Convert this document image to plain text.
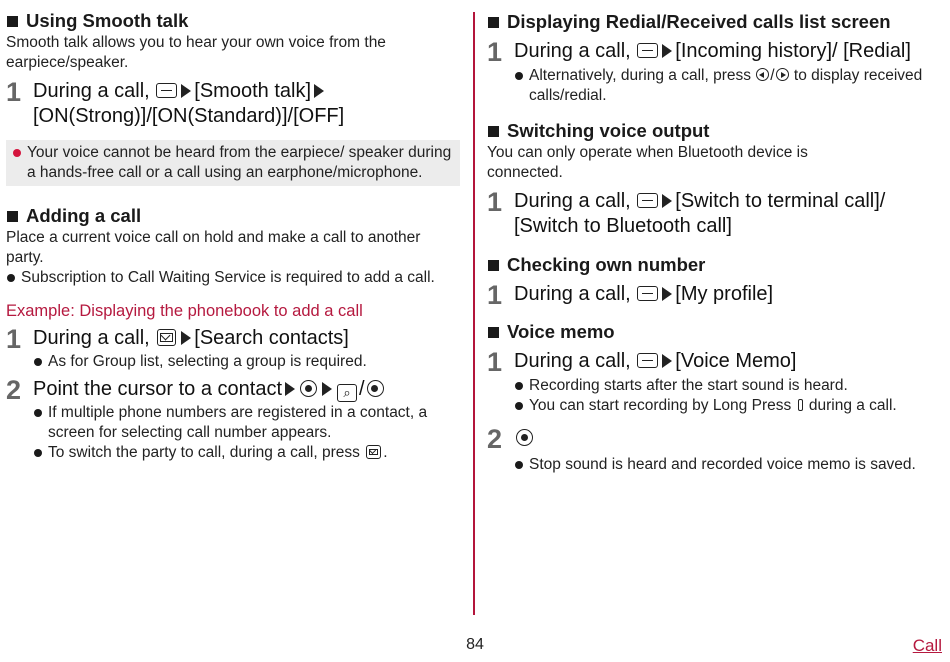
Using Smooth talk
Smooth talk allows you to hear your own voice from the earpiece/speaker.
1 During a call, [Smooth talk]
[ON(Strong)]/[ON(Standard)]/[OFF]
Your voice cannot be heard from the earpiece/ speaker during a hands-free call or a call using an earphone/microphone.
Adding a call
Place a current voice call on hold and make a call to another party.
Subscription to Call Waiting Service is required to add a call.
Example: Displaying the phonebook to add a call
1 During a call, [Search contacts]
As for Group list, selecting a group is required.
2 Point the cursor to a contact	⌕ /
If multiple phone numbers are registered in a contact, a screen for selecting call number appears.
To switch the party to call, during a call, press .
Displaying Redial/Received calls list screen
1 During a call, [Incoming history]/ [Redial]
Alternatively, during a call, press / to display received calls/redial.
Switching voice output
You can only operate when Bluetooth device is connected.
1 During a call, [Switch to terminal call]/ [Switch to Bluetooth call]
Checking own number
1 During a call, [My profile]
Voice memo
1 During a call, [Voice Memo]
Recording starts after the start sound is heard.
You can start recording by Long Press during a call.
2
Stop sound is heard and recorded voice memo is saved.
84	Call
